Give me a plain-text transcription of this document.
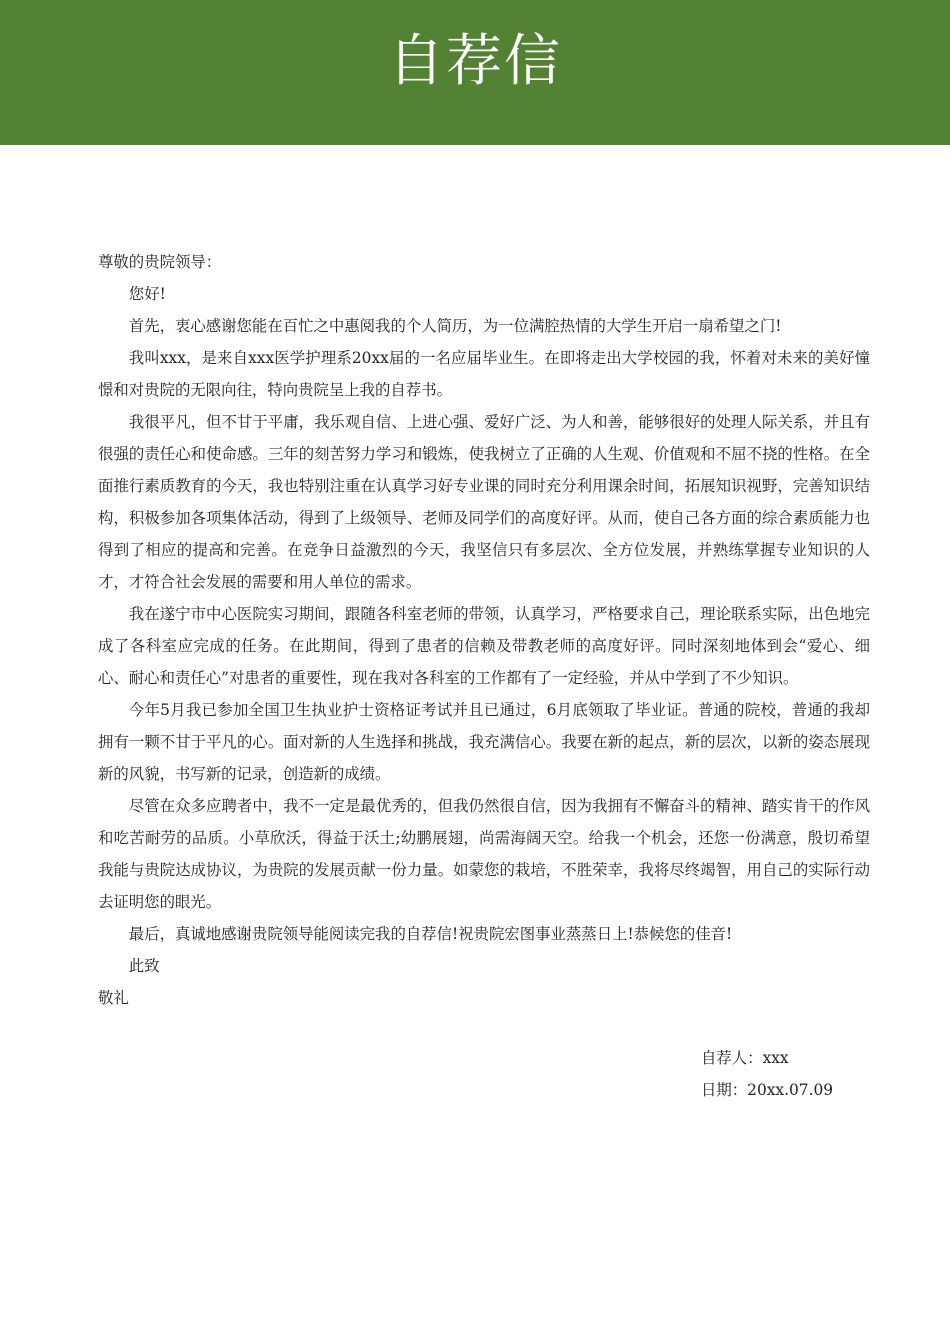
自荐信

尊敬的贵院领导：

您好!

首先，衷心感谢您能在百忙之中惠阅我的个人简历，为一位满腔热情的大学生开启一扇希望之门!

我叫xxx，是来自xxx医学护理系20xx届的一名应届毕业生。在即将走出大学校园的我，怀着对未来的美好憧憬和对贵院的无限向往，特向贵院呈上我的自荐书。

我很平凡，但不甘于平庸，我乐观自信、上进心强、爱好广泛、为人和善，能够很好的处理人际关系，并且有很强的责任心和使命感。三年的刻苦努力学习和锻炼，使我树立了正确的人生观、价值观和不屈不挠的性格。在全面推行素质教育的今天，我也特别注重在认真学习好专业课的同时充分利用课余时间，拓展知识视野，完善知识结构，积极参加各项集体活动，得到了上级领导、老师及同学们的高度好评。从而，使自己各方面的综合素质能力也得到了相应的提高和完善。在竞争日益激烈的今天，我坚信只有多层次、全方位发展，并熟练掌握专业知识的人才，才符合社会发展的需要和用人单位的需求。

我在遂宁市中心医院实习期间，跟随各科室老师的带领，认真学习，严格要求自己，理论联系实际，出色地完成了各科室应完成的任务。在此期间，得到了患者的信赖及带教老师的高度好评。同时深刻地体到会“爱心、细心、耐心和责任心”对患者的重要性，现在我对各科室的工作都有了一定经验，并从中学到了不少知识。

今年5月我已参加全国卫生执业护士资格证考试并且已通过，6月底领取了毕业证。普通的院校，普通的我却拥有一颗不甘于平凡的心。面对新的人生选择和挑战，我充满信心。我要在新的起点，新的层次，以新的姿态展现新的风貌，书写新的记录，创造新的成绩。

尽管在众多应聘者中，我不一定是最优秀的，但我仍然很自信，因为我拥有不懈奋斗的精神、踏实肯干的作风和吃苦耐劳的品质。小草欣沃，得益于沃土;幼鹏展翅，尚需海阔天空。给我一个机会，还您一份满意，殷切希望我能与贵院达成协议，为贵院的发展贡献一份力量。如蒙您的栽培，不胜荣幸，我将尽终竭智，用自己的实际行动去证明您的眼光。

最后，真诚地感谢贵院领导能阅读完我的自荐信!祝贵院宏图事业蒸蒸日上!恭候您的佳音!

此致

敬礼

自荐人：xxx

日期：20xx.07.09
